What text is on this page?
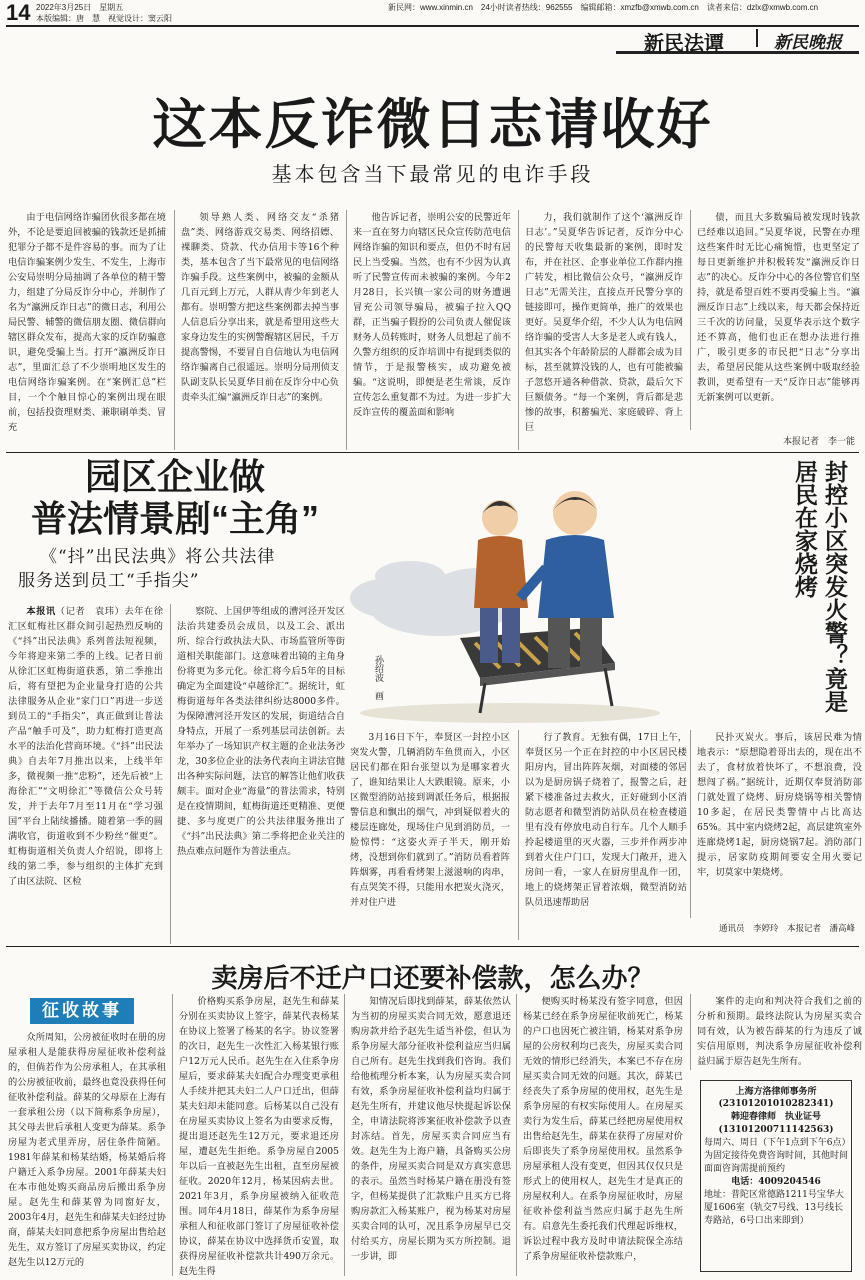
14 2022年3月25日　星期五
本版编辑：唐　慧　视觉设计：窦云阳
新民网：www.xinmin.cn　24小时读者热线：962555　编辑邮箱：xmzfb@xmwb.com.cn　读者来信：dzlx@xmwb.com.cn
新民法谭	新民晚报
这本反诈微日志请收好
基本包含当下最常见的电诈手段

由于电信网络诈骗团伙很多都在境外，不论是要追回被骗的钱款还是抓捕犯罪分子都不是件容易的事。而为了让电信诈骗案例少发生、不发生，上海市公安局崇明分局抽调了各单位的精干警力，组建了分局反诈分中心，并制作了名为“瀛洲反诈日志”的微日志，利用公局民警、辅警的微信朋友圈、微信群向辖区群众发布，提高大家的反诈防骗意识，避免受骗上当。打开“瀛洲反诈日志”，里面汇总了不少崇明地区发生的电信网络诈骗案例。在“案例汇总”栏目，一个个触目惊心的案例出现在眼前，包括投资理财类、兼职刷单类、冒充

领导熟人类、网络交友“杀猪盘”类、网络游戏交易类、网络招嫖、裸聊类、贷款、代办信用卡等16个种类，基本包含了当下最常见的电信网络诈骗手段。这些案例中，被骗的金额从几百元到上万元，人群从青少年到老人都有。崇明警方把这些案例都去掉当事人信息后分享出来，就是希望用这些大家身边发生的实例警醒辖区居民，千万提高警惕，不要冒自自信地认为电信网络诈骗离自己很遥远。崇明分局刑侦支队副支队长吴夏华目前在反诈分中心负责牵头汇编“瀛洲反诈日志”的案例。

他告诉记者，崇明公安的民警近年来一直在努力向辖区民众宣传防范电信网络诈骗的知识和要点，但仍不时有居民上当受骗。当然，也有不少因为认真听了民警宣传而未被骗的案例。今年2月28日，长兴镇一家公司的财务遭遇冒充公司领导骗局，被骗子拉入QQ群，正当骗子假扮的公司负责人催促该财务人员转账时，财务人员想起了前不久警方组织的反诈培训中有提到类似的情节，于是报警核实，成功避免被骗。“这说明，即便是老生常谈，反诈宣传怎么重复都不为过。为进一步扩大反诈宣传的覆盖面和影响

力，我们就制作了这个‘瀛洲反诈日志’。”吴夏华告诉记者，反诈分中心的民警每天收集最新的案例，即时发布，并在社区、企事业单位工作群内推广转发，相比微信公众号，“瀛洲反诈日志”无需关注，直接点开民警分享的链接即可，操作更简单，推广的效果也更好。吴夏华介绍，不少人认为电信网络诈骗的受害人大多是老人或有钱人，但其实各个年龄阶层的人群都会成为目标，甚至就算没钱的人，也有可能被骗子忽悠开通各种借款、贷款，最后欠下巨额债务。“每一个案例，背后都是悲惨的故事，积蓄骗光、家庭破碎、背上巨

债，而且大多数骗局被发现时钱款已经难以追回。”吴夏华说，民警在办理这些案件时无比心痛惋惜，也更坚定了每日更新维护并积极转发“瀛洲反诈日志”的决心。反诈分中心的各位警官们坚持，就是希望百姓不要再受骗上当。“瀛洲反诈日志”上线以来，每天都会保持近三千次的访问量，吴夏华表示这个数字还不算高，他们也正在想办法进行推广，吸引更多的市民把“日志”分享出去，希望居民能从这些案例中吸取经验教训，更希望有一天“反诈日志”能够再无新案例可以更新。

本报记者　李一能
园区企业做
普法情景剧“主角”
《“抖”出民法典》将公共法律
服务送到员工“手指尖”

本报讯（记者　袁玮）去年在徐汇区虹梅社区群众间引起热烈反响的《“抖”出民法典》系列普法短视频，今年将迎来第二季的上线。记者日前从徐汇区虹梅街道获悉，第二季推出后，将有望把为企业量身打造的公共法律服务从企业“家门口”再进一步送到员工的“手指尖”，真正做到让普法产品“触手可及”，助力虹梅打造更高水平的法治化营商环境。《“抖”出民法典》自去年7月推出以来，上线半年多，微视频一推“忠粉”，还先后被“上海徐汇”“文明徐汇”等微信公众号转发，并于去年7月至11月在“学习强国”平台上陆续播播。随着第一季的圆满收官，街道收到不少粉丝“催更”。虹梅街道相关负责人介绍说，即将上线的第二季，参与组织的主体扩充到了由区法院、区检

察院、上国伊等组成的漕河泾开发区法治共建委员会成员，以及工会、派出所、综合行政执法大队、市场监管所等街道相关职能部门。这意味着出镜的主角身份将更为多元化。徐汇将今后5年的目标确定为全面建设“卓越徐汇”。据统计，虹梅街道每年各类法律纠纷达8000多件。为保障漕河泾开发区的发展，街道结合自身特点，开展了一系列基层司法创新。去年举办了一场知识产权主题的企业法务沙龙，30多位企业的法务代表向主讲法官抛出各种实际问题，法官的解答让他们收获颇丰。面对企业“海量”的普法需求，特别是在疫情期间，虹梅街道还更精准、更便捷、多与度更广的公共法律服务推出了《“抖”出民法典》第二季将把企业关注的热点难点问题作为普法重点。

孙绍波　画
封控小区突发火警？竟是居民在家烧烤

3月16日下午，奉贤区一封控小区突发火警，几辆消防车鱼贯而入，小区居民们都在阳台张望以为是哪家着火了，谁知结果让人大跌眼镜。原来，小区微型消防站接到调派任务后，根据报警信息和飘出的烟气，冲到疑似着火的楼层连廊处，现场住户见到消防员，一脸惊愕：“这姿火弄子半天，刚开始烤，没想到你们就到了。”消防员看着阵阵烟雾，再看看烤架上滋滋响的肉串，有点哭笑不得，只能用水把炭火浇灭，并对住户进

行了教育。无独有偶，17日上午，奉贤区另一个正在封控的中小区居民楼阳房内，冒出阵阵灰烟，对面楼的邻居以为是厨房锅子烧着了，报警之后，赶紧下楼准备过去救火，正好碰到小区消防志愿者和微型消防站队员在检查楼道里有没有停放电动自行车。几个人顺手拎起楼道里的灭火器，三步并作两步冲到着火住户门口，发现大门敞开，进入房间一看，一家人在厨房里乱作一团，地上的烧烤架正冒着浓烟，微型消防站队员迅速帮助居

民扑灭炭火。事后，该居民难为情地表示：“原想隐着哥出去的，现在出不去了，食材放着快坏了，不想浪费，没想闯了祸。”据统计，近期仅奉贤消防部门就处置了烧烤、厨房烧锅等相关警情10多起，在居民类警情中占比高达65%。其中室内烧烤2起，高层建筑室外连廊烧烤1起，厨房烧锅7起。消防部门提示，居家防疫期间要安全用火要记牢，切莫家中架烧烤。

通讯员　李婷玲　本报记者　潘高峰
卖房后不迁户口还要补偿款，怎么办？
征收故事

众所周知，公房被征收时在册的房屋承租人是能获得房屋征收补偿利益的，但倘若作为公房承租人，在其承租的公房被征收前，最终也竟没获得任何征收补偿利益。薛某的父母原在上海有一套承租公房（以下简称系争房屋），其父母去世后承租人变更为薛某。系争房屋为老式里弄房，居住条件简陋。1981年薛某和杨某结婚，杨某婚后将户籍迁入系争房屋。2001年薛某夫妇在本市他处购买商品房后搬出系争房屋。赵先生和薛某曾为同窗好友，2003年4月，赵先生和薛某夫妇经过协商，薛某夫妇同意把系争房屋出售给赵先生，双方签订了房屋买卖协议，约定赵先生以12万元的

价格购买系争房屋，赵先生和薛某分别在买卖协议上签字，薛某代表杨某在协议上签署了杨某的名字。协议签署的次日，赵先生一次性汇入杨某银行账户12万元人民币。赵先生在入住系争房屋后，要求薛某夫妇配合办理变更承租人手续并把其夫妇二人户口迁出，但薛某夫妇却未能同意。后杨某以自己没有在房屋买卖协议上签名为由要求反悔，提出退还赵先生12万元，要求退还房屋，遭赵先生拒绝。系争房屋自2005年以后一直被赵先生出租，直至房屋被征收。2020年12月，杨某因病去世。2021年3月，系争房屋被纳入征收范围。同年4月18日，薛某作为系争房屋承租人和征收部门签订了房屋征收补偿协议，薛某在协议中选择货币安置，取获得房屋征收补偿款共计490万余元。赵先生得

知情况后即找到薛某，薛某依然认为当初的房屋买卖合同无效，愿意退还购房款并给予赵先生适当补偿，但认为系争房屋大部分征收补偿利益应当归属自己所有。赵先生找到我们咨询。我们给他梳理分析本案，认为房屋买卖合同有效，系争房屋征收补偿利益均归属于赵先生所有，并建议他尽快提起诉讼保全，申请法院将涉案征收补偿款予以查封冻结。首先，房屋买卖合同应当有效。赵先生为上海户籍，具备购买公房的条件，房屋买卖合同是双方真实意思的表示。虽然当时杨某户籍在册没有签字，但杨某提供了汇款账户且买方已将购房款汇入杨某账户，视为杨某对房屋买卖合同的认可，况且系争房屋早已交付给买方，房屋长期为买方所控制。退一步讲，即

便购买时杨某没有签字同意，但因杨某已经在系争房屋征收前死亡，杨某的户口也因死亡被注销，杨某对系争房屋的公房权利均已丧失，房屋买卖合同无效的情形已经消失，本案已不存在房屋买卖合同无效的问题。其次，薛某已经丧失了系争房屋的使用权，赵先生是系争房屋的有权实际使用人。在房屋买卖行为发生后，薛某已经把房屋使用权出售给赵先生，薛某在获得了房屋对价后即丧失了系争房屋使用权。虽然系争房屋承租人没有变更，但因其仅仅只是形式上的使用权人，赵先生才是真正的房屋权利人。在系争房屋征收时，房屋征收补偿利益当然应归属于赵先生所有。启意先生委托我们代理起诉维权，诉讼过程中我方及时申请法院保全冻结了系争房屋征收补偿款账户，

案件的走向和判决符合我们之前的分析和预期。最终法院认为房屋买卖合同有效，认为被告薛某的行为违反了诚实信用原则，判决系争房屋征收补偿利益归属于原告赵先生所有。

上海方洛律师事务所
(23101201010282341)
韩迎春律师　执业证号
(13101200711142563)
每周六、周日（下午1点到下午6点）为固定接待免费咨询时间，其他时间面面咨询需提前预约
电话：4009204546
地址：普陀区常德路1211号宝华大厦1606室（轨交7号线、13号线长寿路站，6号口出来即到）
